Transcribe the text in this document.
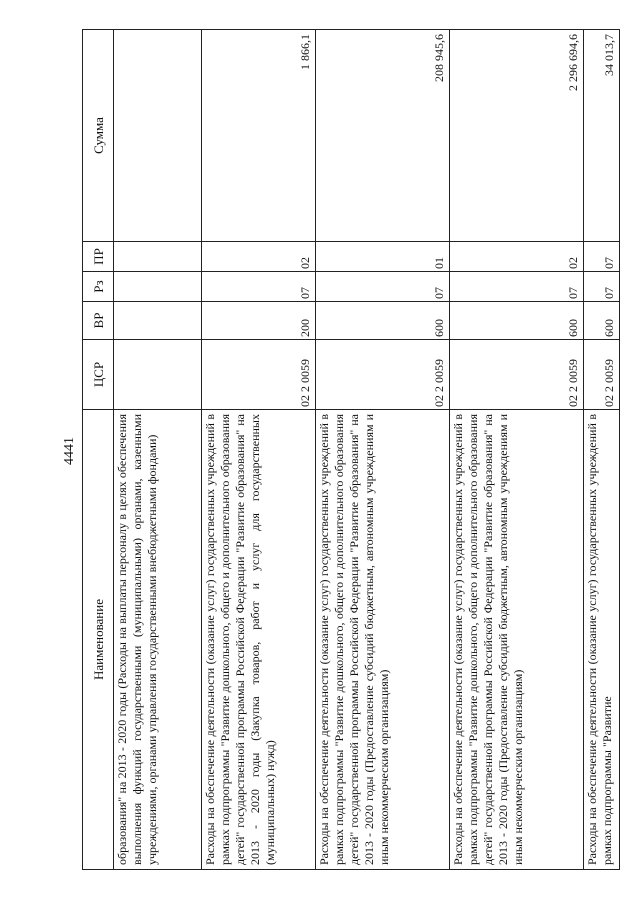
4441
Наименование	ЦСР	ВР	Рз	ПР	Сумма
образования" на 2013 - 2020 годы (Расходы на выплаты персоналу в целях обеспечения выполнения функций государственными (муниципальными) органами, казенными учреждениями, органами управления государственными внебюджетными фондами)					
Расходы на обеспечение деятельности (оказание услуг) государственных учреждений в рамках подпрограммы "Развитие дошкольного, общего и дополнительного образования детей" государственной программы Российской Федерации "Развитие образования" на 2013 - 2020 годы (Закупка товаров, работ и услуг для государственных (муниципальных) нужд)	02 2 0059	200	07	02	1 866,1
Расходы на обеспечение деятельности (оказание услуг) государственных учреждений в рамках подпрограммы "Развитие дошкольного, общего и дополнительного образования детей" государственной программы Российской Федерации "Развитие образования" на 2013 - 2020 годы (Предоставление субсидий бюджетным, автономным учреждениям и иным некоммерческим организациям)	02 2 0059	600	07	01	208 945,6
Расходы на обеспечение деятельности (оказание услуг) государственных учреждений в рамках подпрограммы "Развитие дошкольного, общего и дополнительного образования детей" государственной программы Российской Федерации "Развитие образования" на 2013 - 2020 годы (Предоставление субсидий бюджетным, автономным учреждениям и иным некоммерческим организациям)	02 2 0059	600	07	02	2 296 694,6
Расходы на обеспечение деятельности (оказание услуг) государственных учреждений в рамках подпрограммы "Развитие	02 2 0059	600	07	07	34 013,7
